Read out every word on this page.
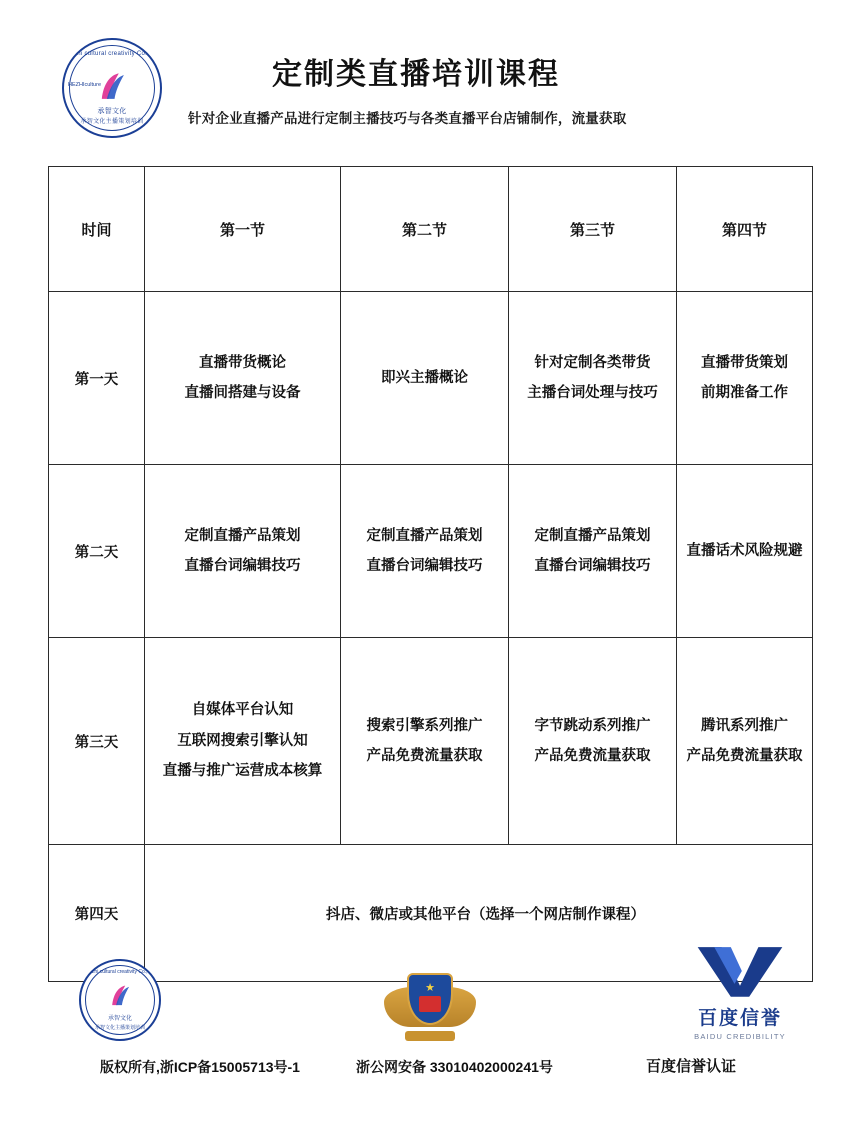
Hezhi cultural creativity Co.,Ltd
HEZHIculture
承智文化
承智文化主播策划培训
定制类直播培训课程
针对企业直播产品进行定制主播技巧与各类直播平台店铺制作，流量获取
时间	第一节	第二节	第三节	第四节
第一天	
直播带货概论
直播间搭建与设备

即兴主播概论

针对定制各类带货
主播台词处理与技巧

直播带货策划
前期准备工作

第二天	
定制直播产品策划
直播台词编辑技巧

定制直播产品策划
直播台词编辑技巧

定制直播产品策划
直播台词编辑技巧

直播话术风险规避

第三天	
自媒体平台认知
互联网搜索引擎认知
直播与推广运营成本核算

搜索引擎系列推广
产品免费流量获取

字节跳动系列推广
产品免费流量获取

腾讯系列推广
产品免费流量获取

第四天	抖店、微店或其他平台（选择一个网店制作课程）			
Hezhi cultural creativity Co.,Ltd
承智文化
承智文化主播策划培训
★
百度信誉
BAIDU CREDIBILITY
版权所有,浙ICP备15005713号-1	浙公网安备 33010402000241号	百度信誉认证
